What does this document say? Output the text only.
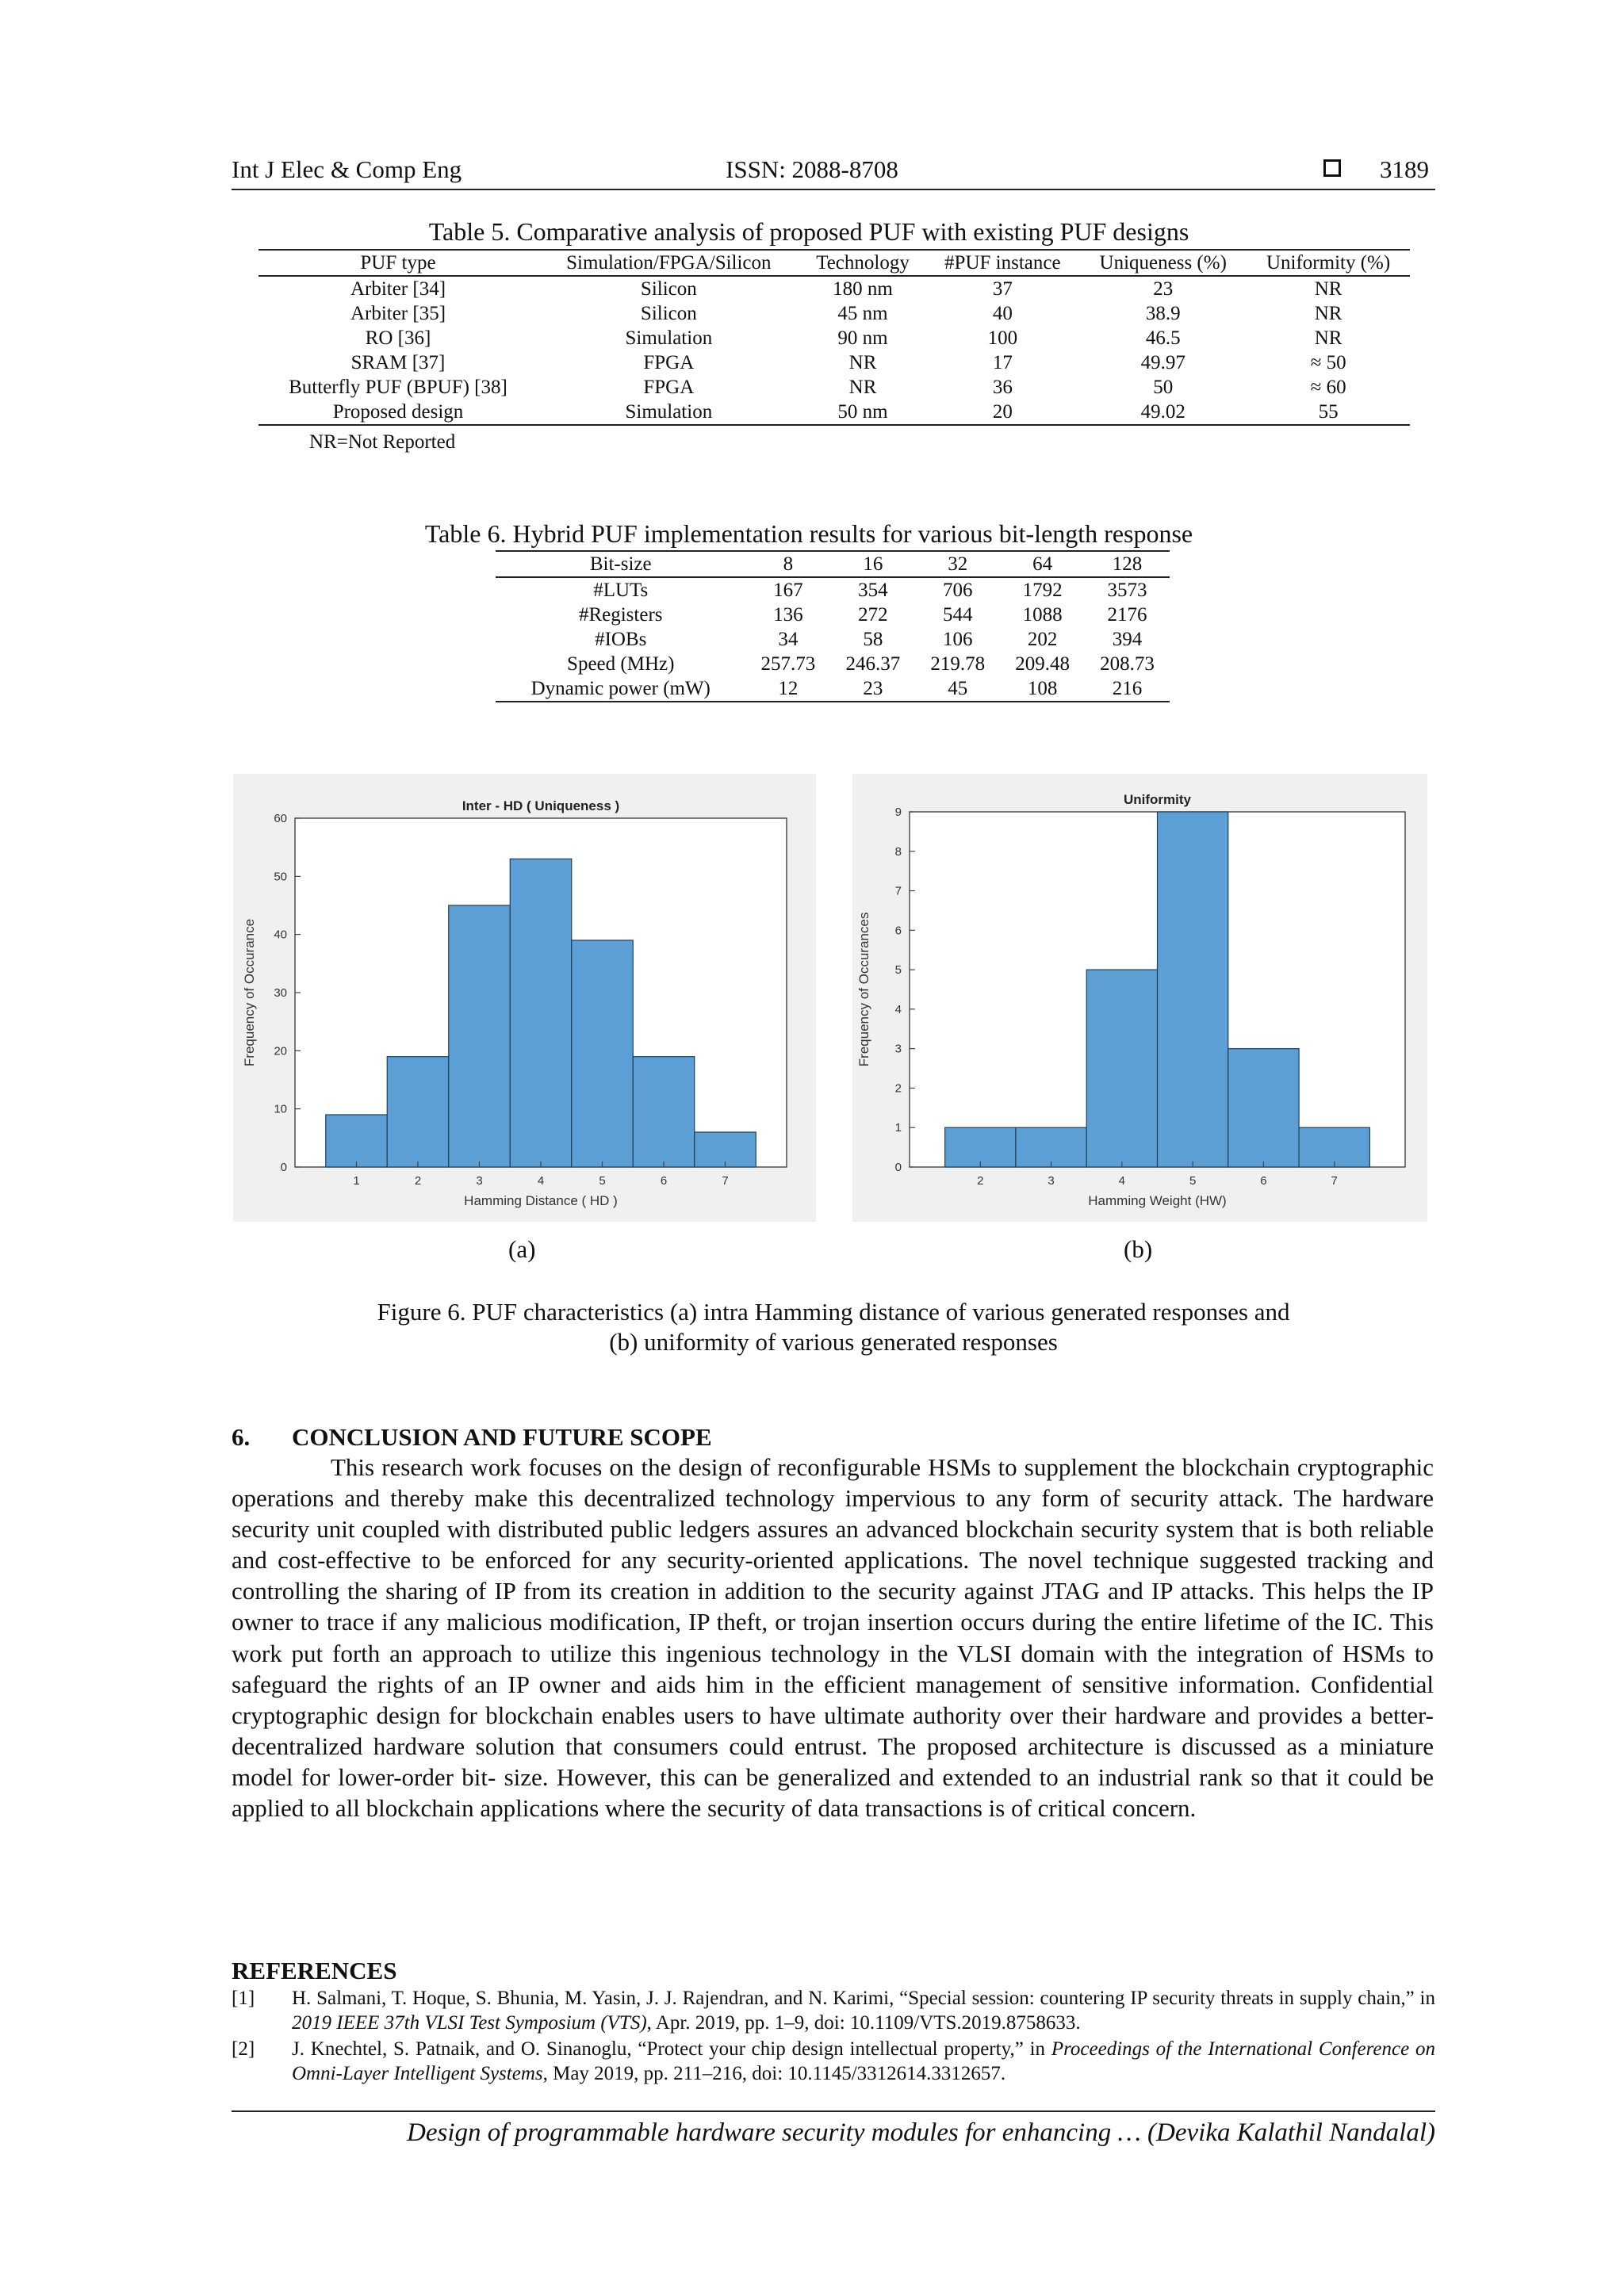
Int J Elec & Comp Eng	ISSN: 2088-8708	3189
Table 5. Comparative analysis of proposed PUF with existing PUF designs
PUF type	Simulation/FPGA/Silicon	Technology	#PUF instance	Uniqueness (%)	Uniformity (%)
Arbiter [34]	Silicon	180 nm	37	23	NR
Arbiter [35]	Silicon	45 nm	40	38.9	NR
RO [36]	Simulation	90 nm	100	46.5	NR
SRAM [37]	FPGA	NR	17	49.97	≈ 50
Butterfly PUF (BPUF) [38]	FPGA	NR	36	50	≈ 60
Proposed design	Simulation	50 nm	20	49.02	55
NR=Not Reported
Table 6. Hybrid PUF implementation results for various bit-length response
Bit-size	8	16	32	64	128
#LUTs	167	354	706	1792	3573
#Registers	136	272	544	1088	2176
#IOBs	34	58	106	202	394
Speed (MHz)	257.73	246.37	219.78	209.48	208.73
Dynamic power (mW)	12	23	45	108	216
0
10
20
30
40
50
60
1	2	3	4	5	6	7
Inter - HD ( Uniqueness )
Hamming Distance ( HD )
Frequency of Occurance
0
1
2
3
4
5
6
7
8
9
2	3	4	5	6	7
Uniformity
Hamming Weight (HW)
Frequency of Occurances
(a)	(b)
Figure 6. PUF characteristics (a) intra Hamming distance of various generated responses and
(b) uniformity of various generated responses
6. CONCLUSION AND FUTURE SCOPE

This research work focuses on the design of reconfigurable HSMs to supplement the blockchain cryptographic operations and thereby make this decentralized technology impervious to any form of security attack. The hardware security unit coupled with distributed public ledgers assures an advanced blockchain security system that is both reliable and cost-effective to be enforced for any security-oriented applications. The novel technique suggested tracking and controlling the sharing of IP from its creation in addition to the security against JTAG and IP attacks. This helps the IP owner to trace if any malicious modification, IP theft, or trojan insertion occurs during the entire lifetime of the IC. This work put forth an approach to utilize this ingenious technology in the VLSI domain with the integration of HSMs to safeguard the rights of an IP owner and aids him in the efficient management of sensitive information. Confidential cryptographic design for blockchain enables users to have ultimate authority over their hardware and provides a better-decentralized hardware solution that consumers could entrust. The proposed architecture is discussed as a miniature model for lower-order bit- size. However, this can be generalized and extended to an industrial rank so that it could be applied to all blockchain applications where the security of data transactions is of critical concern.

REFERENCES
[1] H. Salmani, T. Hoque, S. Bhunia, M. Yasin, J. J. Rajendran, and N. Karimi, “Special session: countering IP security threats in supply chain,” in 2019 IEEE 37th VLSI Test Symposium (VTS), Apr. 2019, pp. 1–9, doi: 10.1109/VTS.2019.8758633.
[2] J. Knechtel, S. Patnaik, and O. Sinanoglu, “Protect your chip design intellectual property,” in Proceedings of the International Conference on Omni-Layer Intelligent Systems, May 2019, pp. 211–216, doi: 10.1145/3312614.3312657.
Design of programmable hardware security modules for enhancing … (Devika Kalathil Nandalal)
